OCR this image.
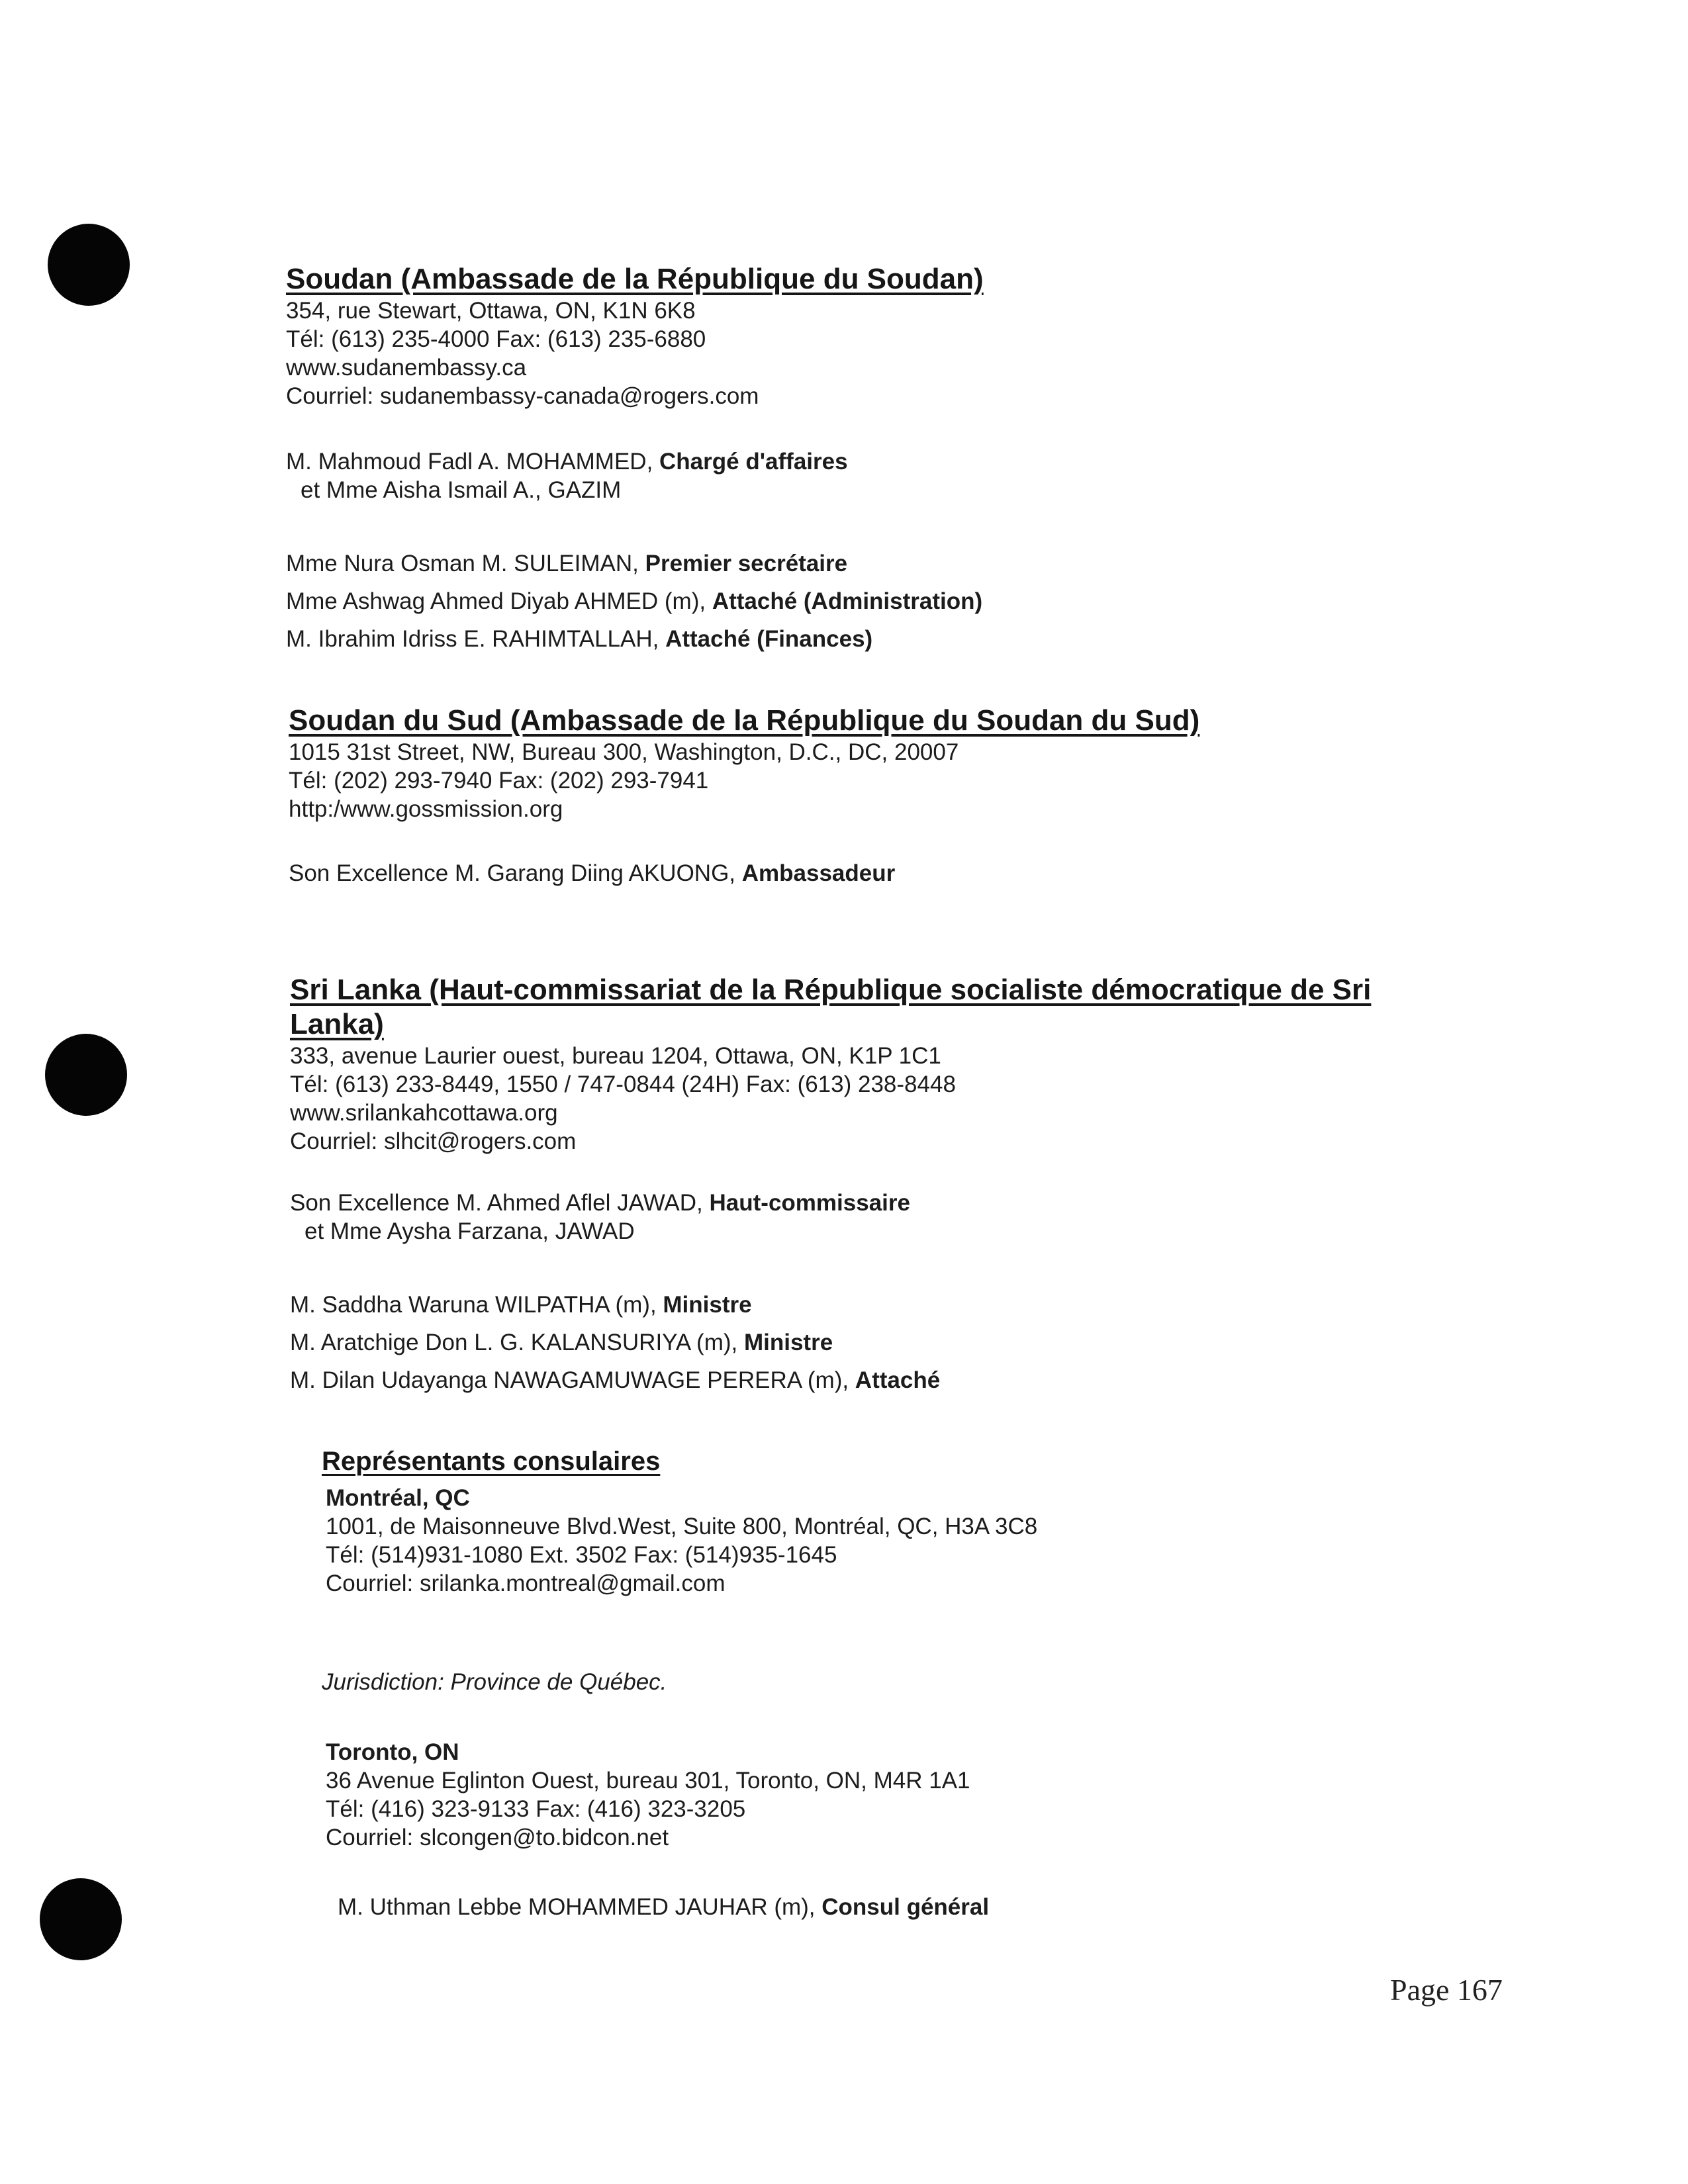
Soudan (Ambassade de la République du Soudan)
354, rue Stewart, Ottawa, ON, K1N 6K8
Tél: (613) 235-4000 Fax: (613) 235-6880
www.sudanembassy.ca
Courriel: sudanembassy-canada@rogers.com
M. Mahmoud Fadl A. MOHAMMED, Chargé d'affaires
et Mme Aisha Ismail A., GAZIM
Mme Nura Osman M. SULEIMAN, Premier secrétaire
Mme Ashwag Ahmed Diyab AHMED (m), Attaché (Administration)
M. Ibrahim Idriss E. RAHIMTALLAH, Attaché (Finances)
Soudan du Sud (Ambassade de la République du Soudan du Sud)
1015 31st Street, NW, Bureau 300, Washington, D.C., DC, 20007
Tél: (202) 293-7940 Fax: (202) 293-7941
http:/www.gossmission.org
Son Excellence M. Garang Diing AKUONG, Ambassadeur
Sri Lanka (Haut-commissariat de la République socialiste démocratique de Sri
Lanka)
333, avenue Laurier ouest, bureau 1204, Ottawa, ON, K1P 1C1
Tél: (613) 233-8449, 1550 / 747-0844 (24H) Fax: (613) 238-8448
www.srilankahcottawa.org
Courriel: slhcit@rogers.com
Son Excellence M. Ahmed Aflel JAWAD, Haut-commissaire
et Mme Aysha Farzana, JAWAD
M. Saddha Waruna WILPATHA (m), Ministre
M. Aratchige Don L. G. KALANSURIYA (m), Ministre
M. Dilan Udayanga NAWAGAMUWAGE PERERA (m), Attaché
Représentants consulaires
Montréal, QC
1001, de Maisonneuve Blvd.West, Suite 800, Montréal, QC, H3A 3C8
Tél: (514)931-1080 Ext. 3502 Fax: (514)935-1645
Courriel: srilanka.montreal@gmail.com
Jurisdiction: Province de Québec.
Toronto, ON
36 Avenue Eglinton Ouest, bureau 301, Toronto, ON, M4R 1A1
Tél: (416) 323-9133 Fax: (416) 323-3205
Courriel: slcongen@to.bidcon.net
M. Uthman Lebbe MOHAMMED JAUHAR (m), Consul général
Page 167
